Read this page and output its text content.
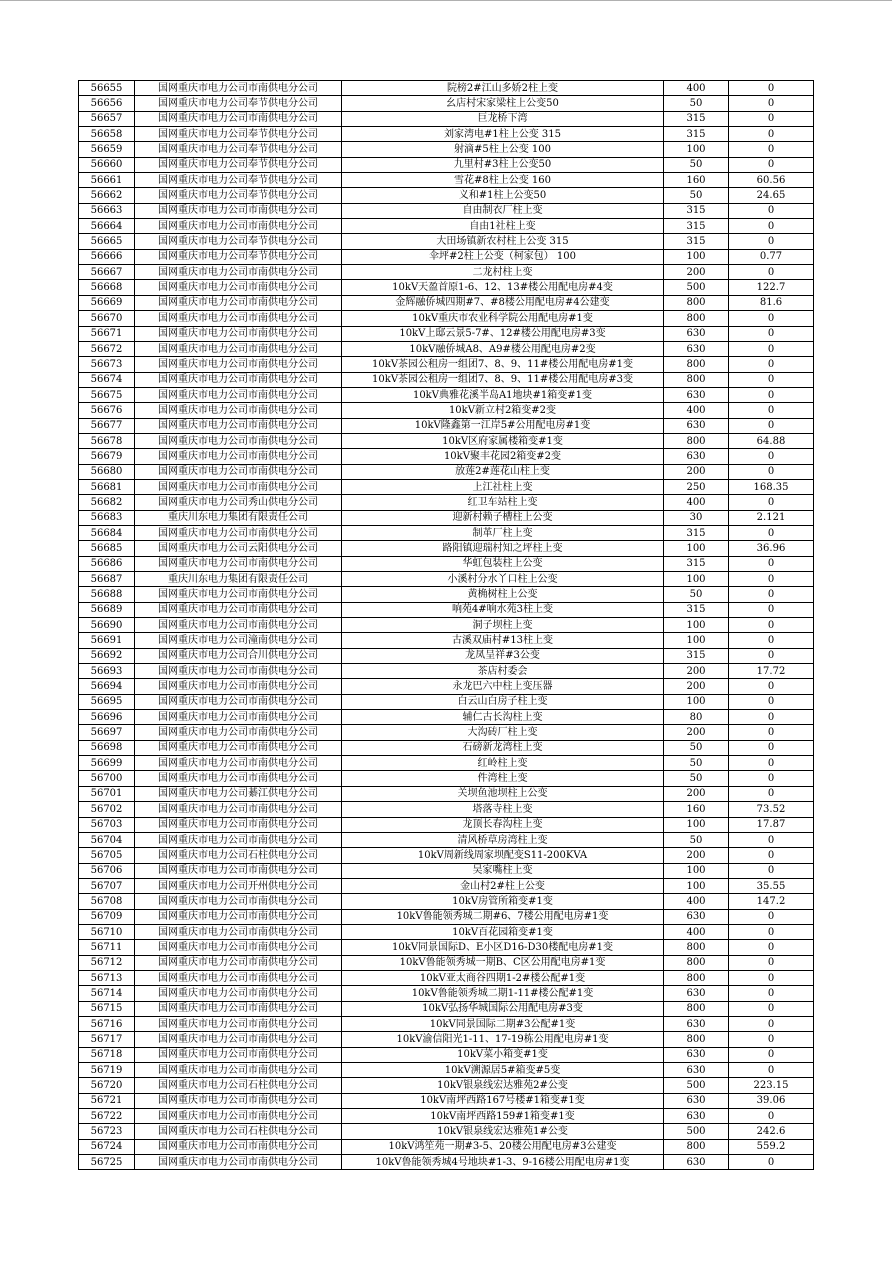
56655	国网重庆市电力公司市南供电分公司	院榜2#江山多娇2柱上变	400	0
56656	国网重庆市电力公司奉节供电分公司	幺店村宋家梁柱上公变50	50	0
56657	国网重庆市电力公司市南供电分公司	巨龙桥下湾	315	0
56658	国网重庆市电力公司奉节供电分公司	刘家湾电#1柱上公变 315	315	0
56659	国网重庆市电力公司奉节供电分公司	射滴#5柱上公变 100	100	0
56660	国网重庆市电力公司奉节供电分公司	九里村#3柱上公变50	50	0
56661	国网重庆市电力公司奉节供电分公司	雪花#8柱上公变 160	160	60.56
56662	国网重庆市电力公司奉节供电分公司	义和#1柱上公变50	50	24.65
56663	国网重庆市电力公司市南供电分公司	自由制衣厂柱上变	315	0
56664	国网重庆市电力公司市南供电分公司	自由1社柱上变	315	0
56665	国网重庆市电力公司奉节供电分公司	大田场镇新农村柱上公变 315	315	0
56666	国网重庆市电力公司奉节供电分公司	伞坪#2柱上公变（柯家包） 100	100	0.77
56667	国网重庆市电力公司市南供电分公司	二龙村柱上变	200	0
56668	国网重庆市电力公司市南供电分公司	10kV天盈首原1-6、12、13#楼公用配电房#4变	500	122.7
56669	国网重庆市电力公司市南供电分公司	金辉融侨城四期#7、#8楼公用配电房#4公建变	800	81.6
56670	国网重庆市电力公司市南供电分公司	10kV重庆市农业科学院公用配电房#1变	800	0
56671	国网重庆市电力公司市南供电分公司	10kV上邸云景5-7#、12#楼公用配电房#3变	630	0
56672	国网重庆市电力公司市南供电分公司	10kV融侨城A8、A9#楼公用配电房#2变	630	0
56673	国网重庆市电力公司市南供电分公司	10kV茶园公租房一组团7、8、9、11#楼公用配电房#1变	800	0
56674	国网重庆市电力公司市南供电分公司	10kV茶园公租房一组团7、8、9、11#楼公用配电房#3变	800	0
56675	国网重庆市电力公司市南供电分公司	10kV典雅花溪半岛A1地块#1箱变#1变	630	0
56676	国网重庆市电力公司市南供电分公司	10kV新立村2箱变#2变	400	0
56677	国网重庆市电力公司市南供电分公司	10kV隆鑫第一江岸5#公用配电房#1变	630	0
56678	国网重庆市电力公司市南供电分公司	10kV区府家属楼箱变#1变	800	64.88
56679	国网重庆市电力公司市南供电分公司	10kV聚丰花园2箱变#2变	630	0
56680	国网重庆市电力公司市南供电分公司	放莲2#莲花山柱上变	200	0
56681	国网重庆市电力公司市南供电分公司	上江社柱上变	250	168.35
56682	国网重庆市电力公司秀山供电分公司	红卫车站柱上变	400	0
56683	重庆川东电力集团有限责任公司	迎新村赖子槽柱上公变	30	2.121
56684	国网重庆市电力公司市南供电分公司	制革厂柱上变	315	0
56685	国网重庆市电力公司云阳供电分公司	路阳镇迎瑞村知之坪柱上变	100	36.96
56686	国网重庆市电力公司市南供电分公司	华虹包装柱上公变	315	0
56687	重庆川东电力集团有限责任公司	小溪村分水丫口柱上公变	100	0
56688	国网重庆市电力公司市南供电分公司	黄桷树柱上公变	50	0
56689	国网重庆市电力公司市南供电分公司	响苑4#响水苑3柱上变	315	0
56690	国网重庆市电力公司市南供电分公司	洞子坝柱上变	100	0
56691	国网重庆市电力公司潼南供电分公司	古溪双庙村#13柱上变	100	0
56692	国网重庆市电力公司合川供电分公司	龙凤呈祥#3公变	315	0
56693	国网重庆市电力公司市南供电分公司	茶店村委会	200	17.72
56694	国网重庆市电力公司市南供电分公司	永龙巴六中柱上变压器	200	0
56695	国网重庆市电力公司市南供电分公司	白云山白房子柱上变	100	0
56696	国网重庆市电力公司市南供电分公司	辅仁古长沟柱上变	80	0
56697	国网重庆市电力公司市南供电分公司	大沟砖厂柱上变	200	0
56698	国网重庆市电力公司市南供电分公司	石磅新龙湾柱上变	50	0
56699	国网重庆市电力公司市南供电分公司	红岭柱上变	50	0
56700	国网重庆市电力公司市南供电分公司	件湾柱上变	50	0
56701	国网重庆市电力公司綦江供电分公司	关坝鱼池坝柱上公变	200	0
56702	国网重庆市电力公司市南供电分公司	塔落寺柱上变	160	73.52
56703	国网重庆市电力公司市南供电分公司	龙顶长春沟柱上变	100	17.87
56704	国网重庆市电力公司市南供电分公司	清风桥草房湾柱上变	50	0
56705	国网重庆市电力公司石柱供电分公司	10kV周新线周家坝配变S11-200KVA	200	0
56706	国网重庆市电力公司市南供电分公司	吴家嘴柱上变	100	0
56707	国网重庆市电力公司开州供电分公司	金山村2#柱上公变	100	35.55
56708	国网重庆市电力公司市南供电分公司	10kV房管所箱变#1变	400	147.2
56709	国网重庆市电力公司市南供电分公司	10kV鲁能领秀城二期#6、7楼公用配电房#1变	630	0
56710	国网重庆市电力公司市南供电分公司	10kV百花园箱变#1变	400	0
56711	国网重庆市电力公司市南供电分公司	10kV同景国际D、E小区D16-D30楼配电房#1变	800	0
56712	国网重庆市电力公司市南供电分公司	10kV鲁能领秀城一期B、C区公用配电房#1变	800	0
56713	国网重庆市电力公司市南供电分公司	10kV亚太商谷四期1-2#楼公配#1变	800	0
56714	国网重庆市电力公司市南供电分公司	10kV鲁能领秀城二期1-11#楼公配#1变	630	0
56715	国网重庆市电力公司市南供电分公司	10kV弘扬华城国际公用配电房#3变	800	0
56716	国网重庆市电力公司市南供电分公司	10kV同景国际二期#3公配#1变	630	0
56717	国网重庆市电力公司市南供电分公司	10kV渝信阳光1-11、17-19栋公用配电房#1变	800	0
56718	国网重庆市电力公司市南供电分公司	10kV菜小箱变#1变	630	0
56719	国网重庆市电力公司市南供电分公司	10kV溯源居5#箱变#5变	630	0
56720	国网重庆市电力公司石柱供电分公司	10kV银泉线宏达雅苑2#公变	500	223.15
56721	国网重庆市电力公司市南供电分公司	10kV南坪西路167号楼#1箱变#1变	630	39.06
56722	国网重庆市电力公司市南供电分公司	10kV南坪西路159#1箱变#1变	630	0
56723	国网重庆市电力公司石柱供电分公司	10kV银泉线宏达雅苑1#公变	500	242.6
56724	国网重庆市电力公司市南供电分公司	10kV鸿笙苑一期#3-5、20楼公用配电房#3公建变	800	559.2
56725	国网重庆市电力公司市南供电分公司	10kV鲁能领秀城4号地块#1-3、9-16楼公用配电房#1变	630	0
